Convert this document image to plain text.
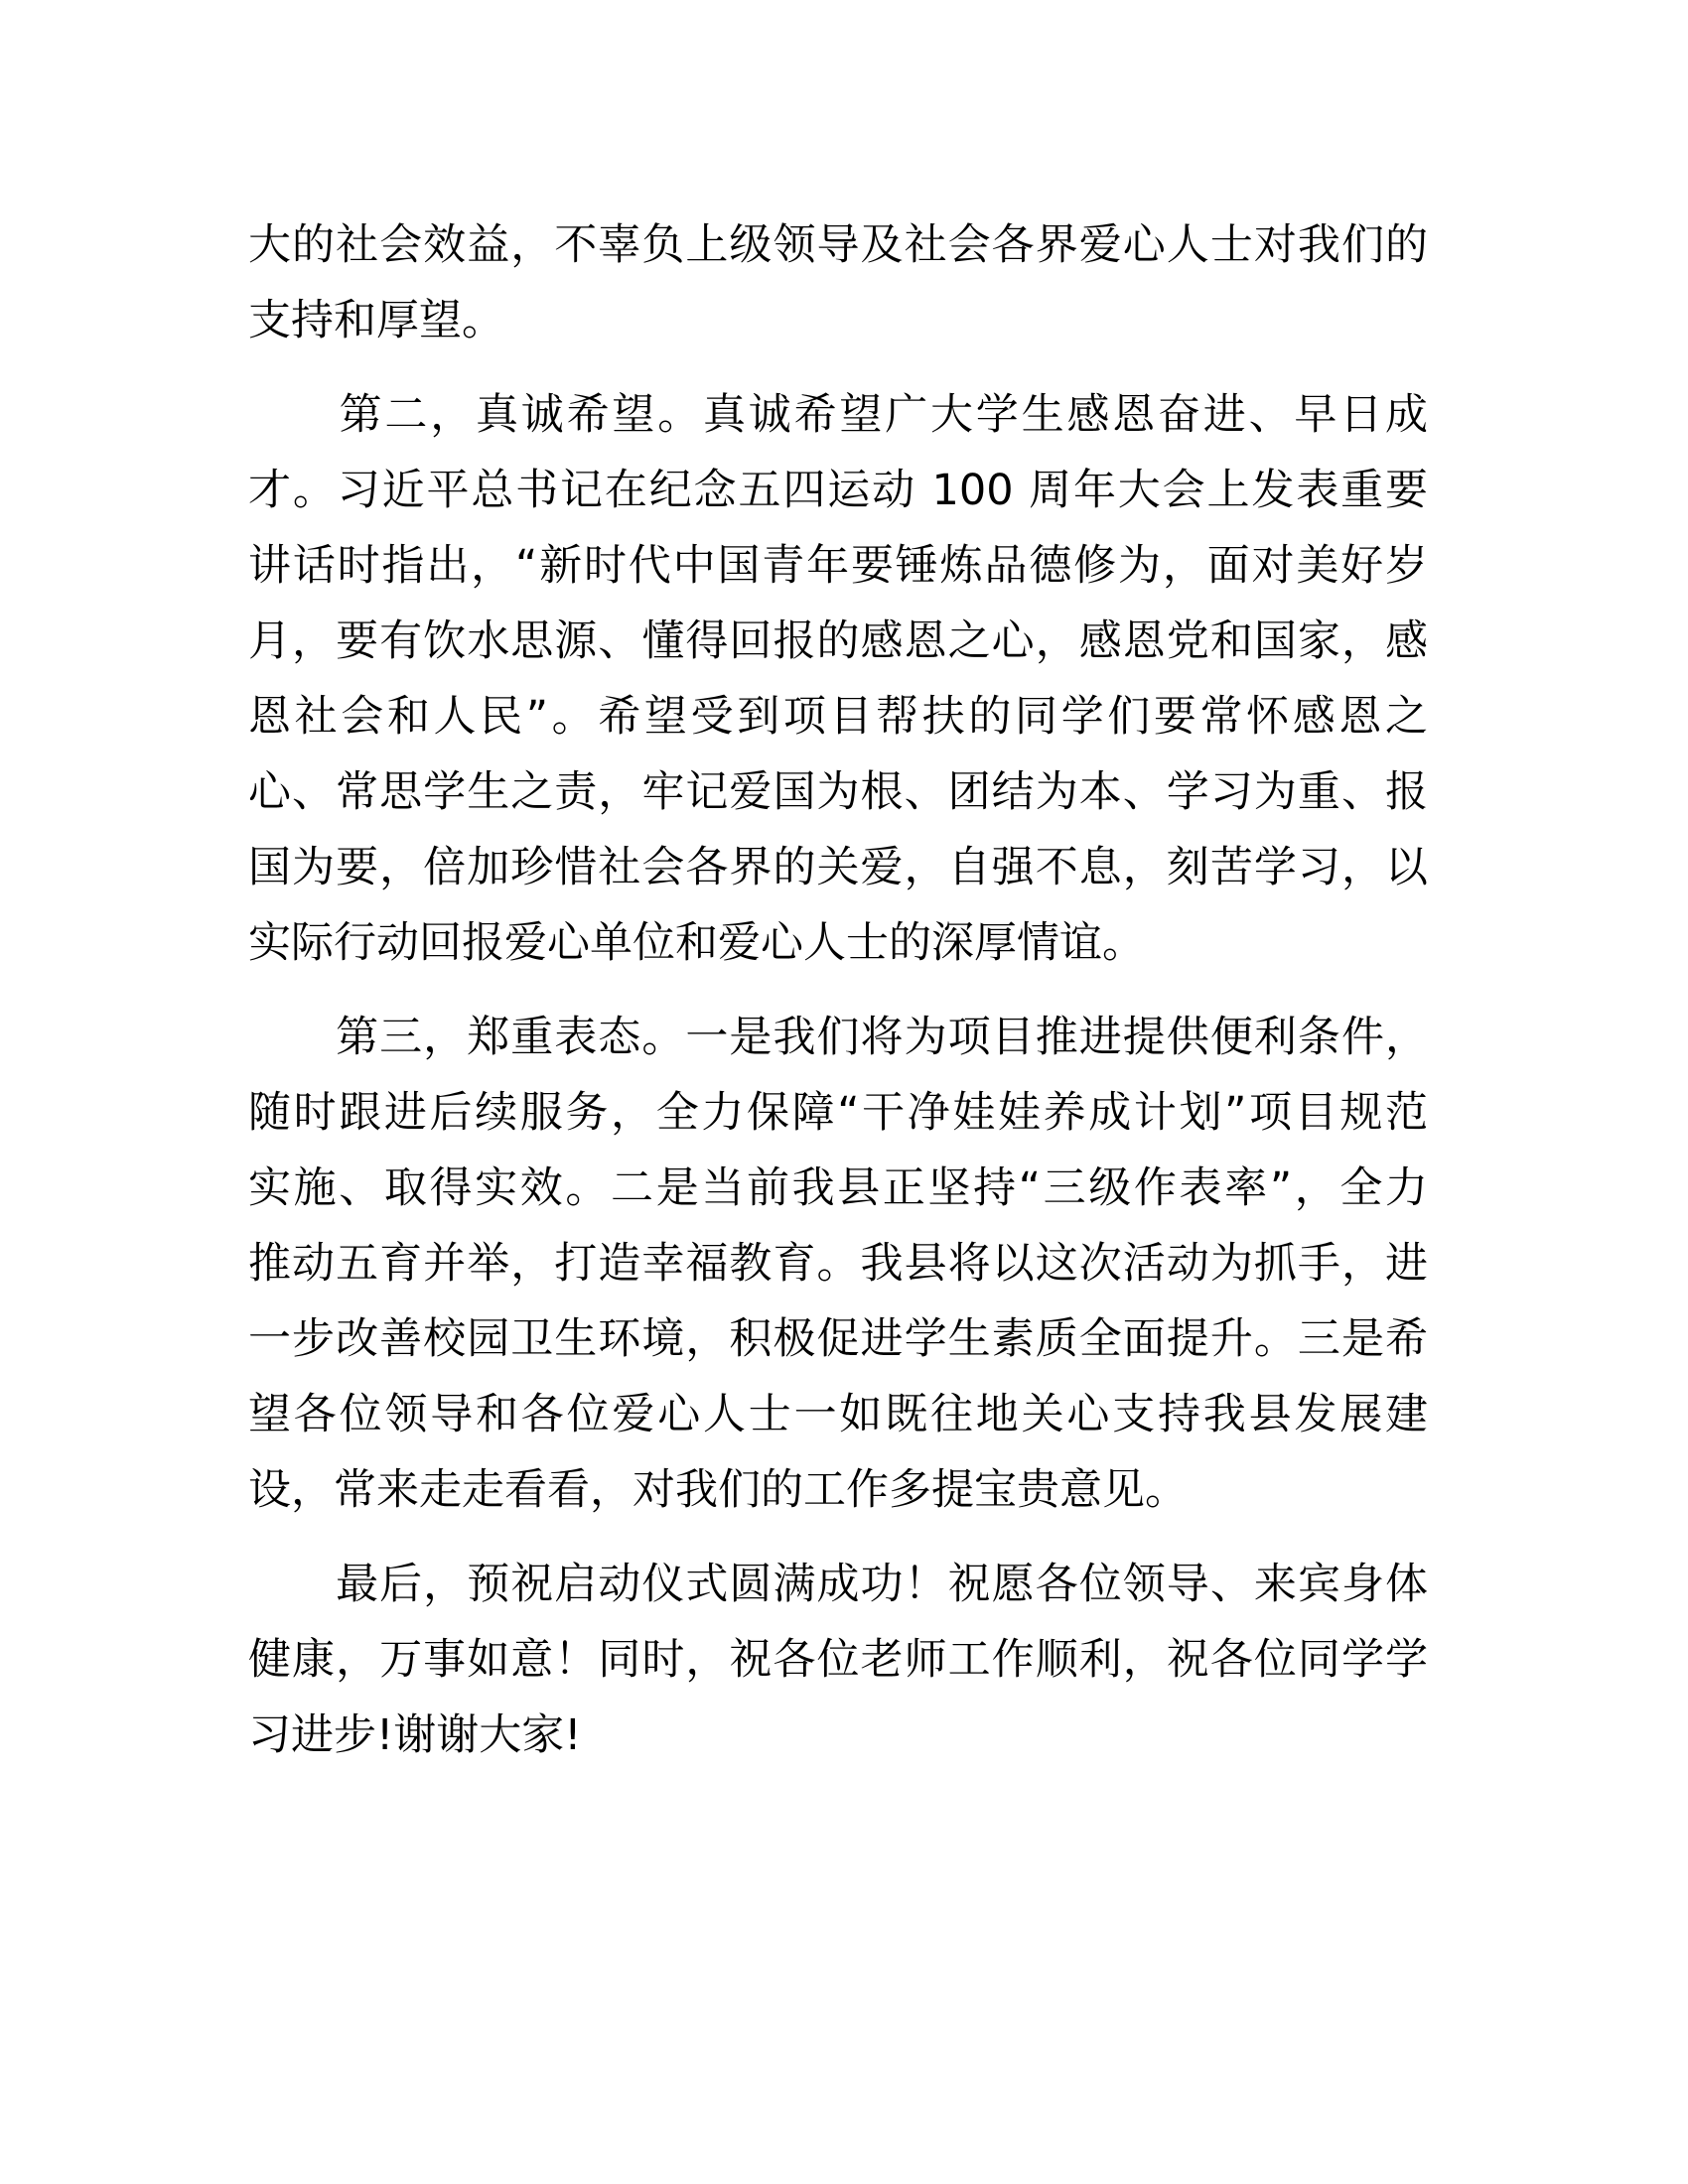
大的社会效益，不辜负上级领导及社会各界爱心人士对我们的
支持和厚望。
　　第二，真诚希望。真诚希望广大学生感恩奋进、早日成
才。习近平总书记在纪念五四运动 100 周年大会上发表重要
讲话时指出，“新时代中国青年要锤炼品德修为，面对美好岁
月，要有饮水思源、懂得回报的感恩之心，感恩党和国家，感
恩社会和人民”。希望受到项目帮扶的同学们要常怀感恩之
心、常思学生之责，牢记爱国为根、团结为本、学习为重、报
国为要，倍加珍惜社会各界的关爱，自强不息，刻苦学习，以
实际行动回报爱心单位和爱心人士的深厚情谊。
　　第三，郑重表态。一是我们将为项目推进提供便利条件，
随时跟进后续服务，全力保障“干净娃娃养成计划”项目规范
实施、取得实效。二是当前我县正坚持“三级作表率”，全力
推动五育并举，打造幸福教育。我县将以这次活动为抓手，进
一步改善校园卫生环境，积极促进学生素质全面提升。三是希
望各位领导和各位爱心人士一如既往地关心支持我县发展建
设，常来走走看看，对我们的工作多提宝贵意见。
　　最后，预祝启动仪式圆满成功！祝愿各位领导、来宾身体
健康，万事如意！同时，祝各位老师工作顺利，祝各位同学学
习进步!谢谢大家!
